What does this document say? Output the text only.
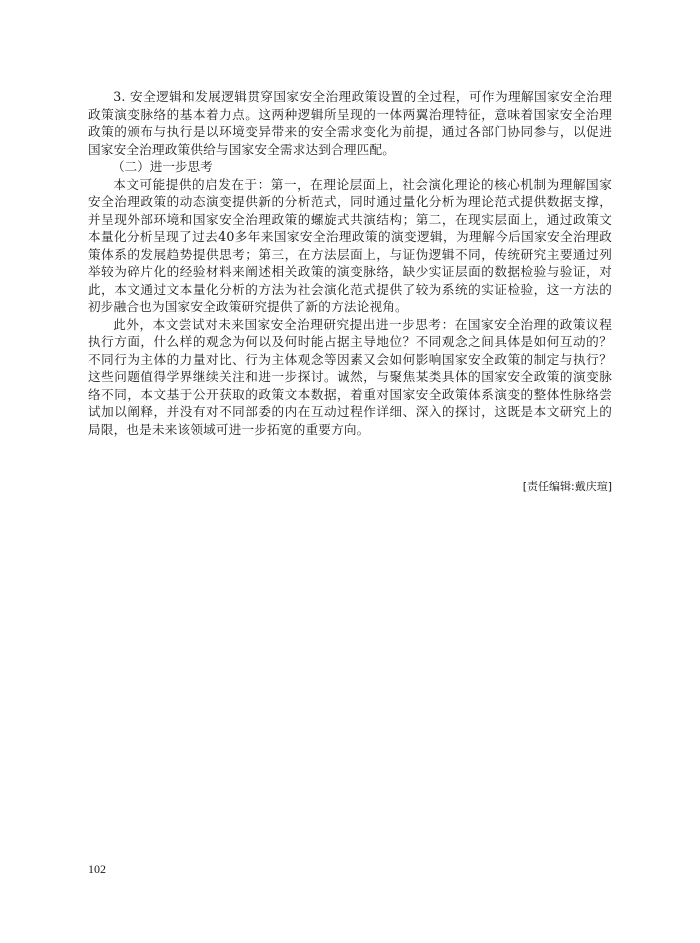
3. 安全逻辑和发展逻辑贯穿国家安全治理政策设置的全过程，可作为理解国家安全治理政策演变脉络的基本着力点。这两种逻辑所呈现的一体两翼治理特征，意味着国家安全治理政策的颁布与执行是以环境变异带来的安全需求变化为前提，通过各部门协同参与，以促进国家安全治理政策供给与国家安全需求达到合理匹配。

（二）进一步思考

本文可能提供的启发在于：第一，在理论层面上，社会演化理论的核心机制为理解国家安全治理政策的动态演变提供新的分析范式，同时通过量化分析为理论范式提供数据支撑，并呈现外部环境和国家安全治理政策的螺旋式共演结构；第二，在现实层面上，通过政策文本量化分析呈现了过去40多年来国家安全治理政策的演变逻辑，为理解今后国家安全治理政策体系的发展趋势提供思考；第三，在方法层面上，与证伪逻辑不同，传统研究主要通过列举较为碎片化的经验材料来阐述相关政策的演变脉络，缺少实证层面的数据检验与验证，对此，本文通过文本量化分析的方法为社会演化范式提供了较为系统的实证检验，这一方法的初步融合也为国家安全政策研究提供了新的方法论视角。

此外，本文尝试对未来国家安全治理研究提出进一步思考：在国家安全治理的政策议程执行方面，什么样的观念为何以及何时能占据主导地位？不同观念之间具体是如何互动的？不同行为主体的力量对比、行为主体观念等因素又会如何影响国家安全政策的制定与执行？这些问题值得学界继续关注和进一步探讨。诚然，与聚焦某类具体的国家安全政策的演变脉络不同，本文基于公开获取的政策文本数据，着重对国家安全政策体系演变的整体性脉络尝试加以阐释，并没有对不同部委的内在互动过程作详细、深入的探讨，这既是本文研究上的局限，也是未来该领域可进一步拓宽的重要方向。

[责任编辑:戴庆瑄]
102
